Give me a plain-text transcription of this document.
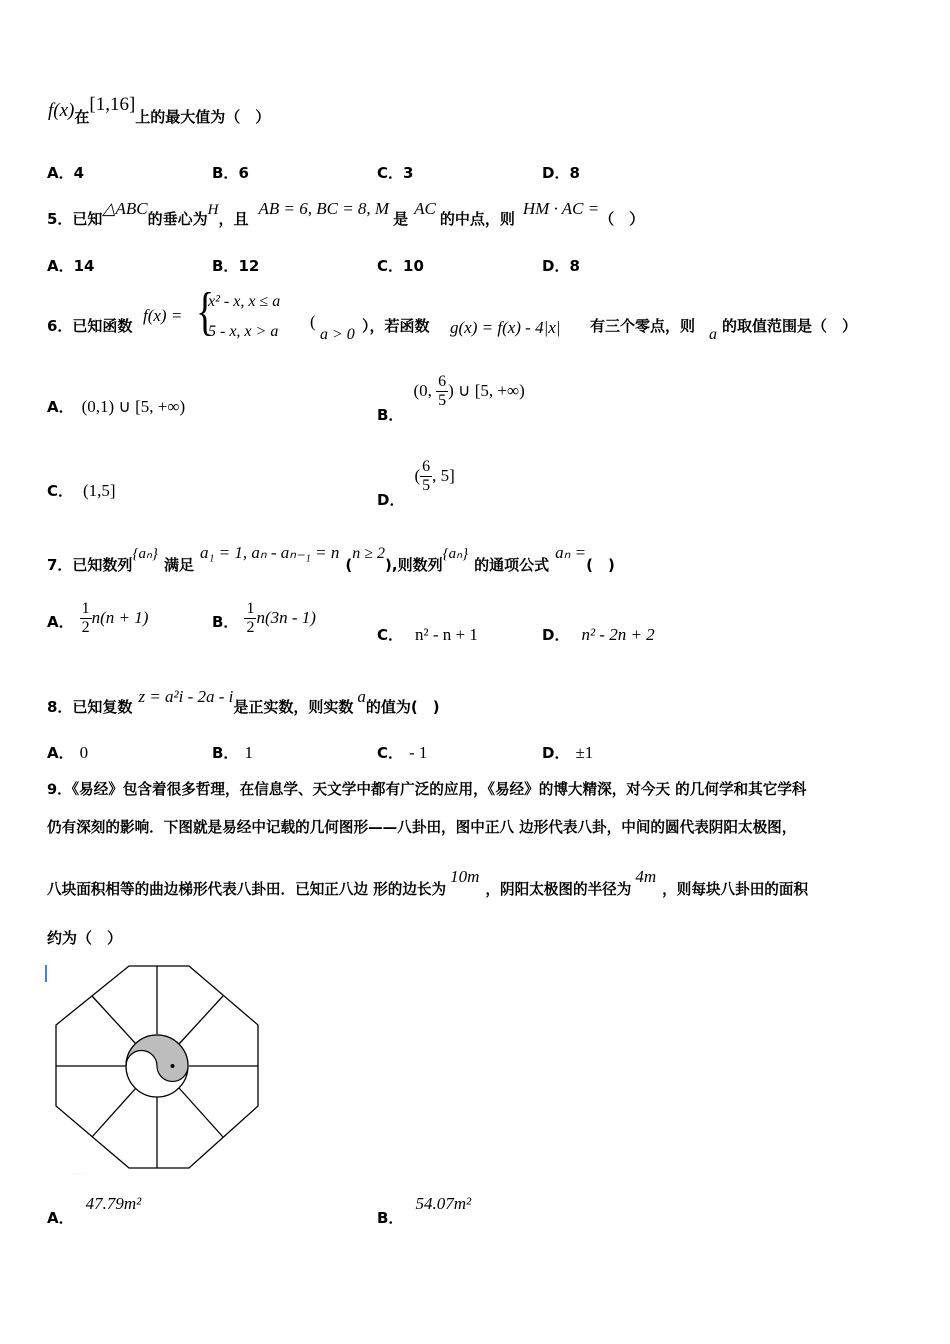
f(x)在[1,16]上的最大值为（　）
A．4	B．6	C．3	D．8
5．已知△ABC的垂心为H，且AB = 6, BC = 8, M是AC的中点，则HM · AC =（　）
A．14	B．12	C．10	D．8
6．已知函数
f(x) = {
x² - x, x ≤ a
5 - x, x > a
(
a > 0 ），若函数 g(x) = f(x) - 4|x| 有三个零点，则 a 的取值范围是（　）
A． (0,1) ∪ [5, +∞)	B．(0, $\frac{6}{5}$ ) ∪ [5, +∞)
C． (1,5]	D．( $\frac{6}{5}$ , 5]
7．已知数列{aₙ}满足a₁ = 1, aₙ - aₙ₋₁ = n(n ≥ 2),则数列{aₙ}的通项公式aₙ =(　)
A． $\frac{1}{2} n(n + 1)$	B． $\frac{1}{2} n(3n - 1)$
C． n² - n + 1	D． n² - 2n + 2
8．已知复数z = a²i - 2a - i是正实数，则实数a的值为(　)
A． 0	B． 1	C． - 1	D． ±1
9．《易经》包含着很多哲理，在信息学、天文学中都有广泛的应用，《易经》的博大精深，对今天 的几何学和其它学科
仍有深刻的影响．下图就是易经中记载的几何图形——八卦田，图中正八 边形代表八卦，中间的圆代表阴阳太极图，
八块面积相等的曲边梯形代表八卦田．已知正八边 形的边长为10m，阴阳太极图的半径为4m，则每块八卦田的面积
约为（　）
· · · ·
A．47.79m²
B．54.07m²
